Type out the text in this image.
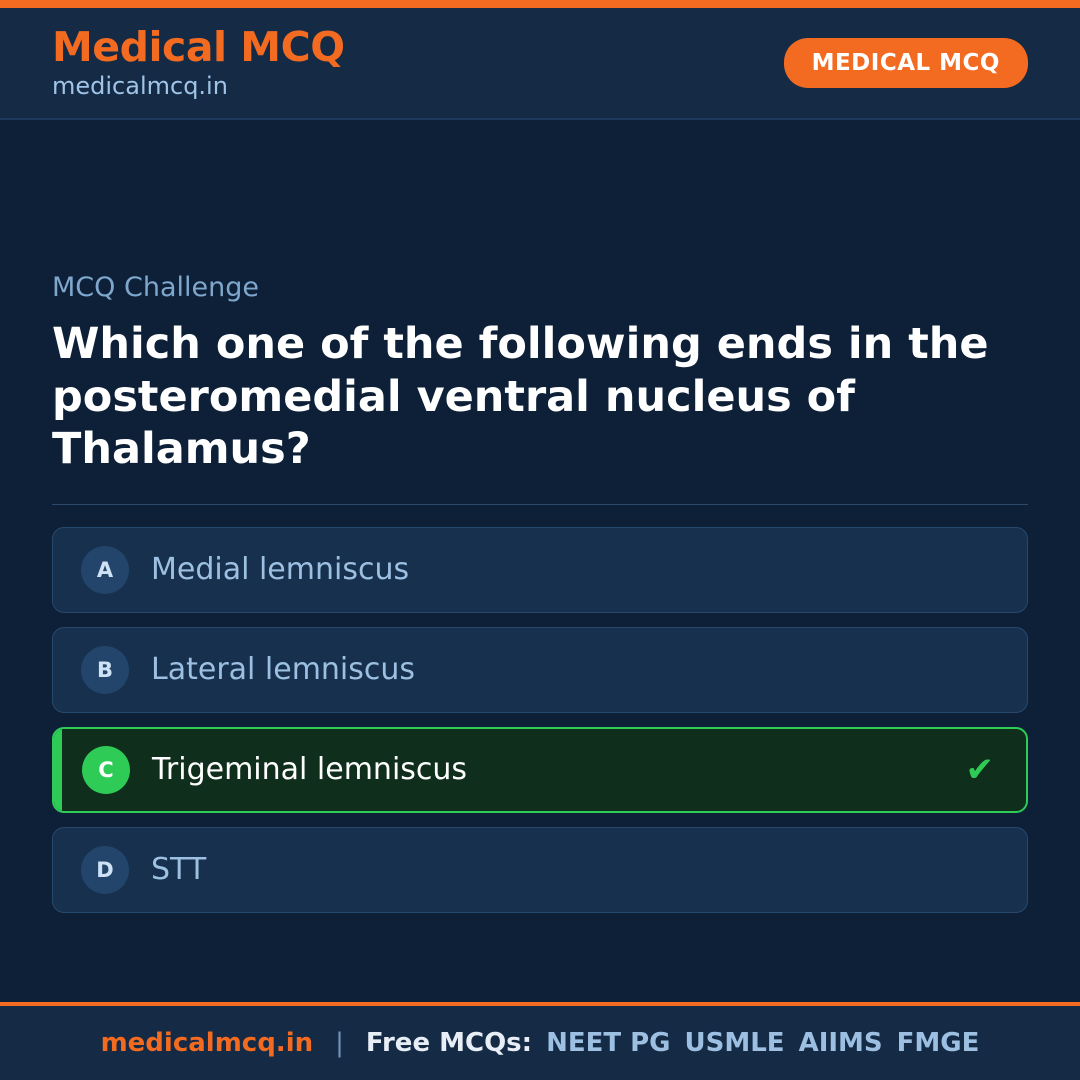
Medical MCQ
medicalmcq.in
MEDICAL MCQ
MCQ Challenge
Which one of the following ends in the posteromedial ventral nucleus of Thalamus?
A	Medial lemniscus
B	Lateral lemniscus
C	Trigeminal lemniscus	✔
D	STT
medicalmcq.in | Free MCQs: NEET PG USMLE AIIMS FMGE
